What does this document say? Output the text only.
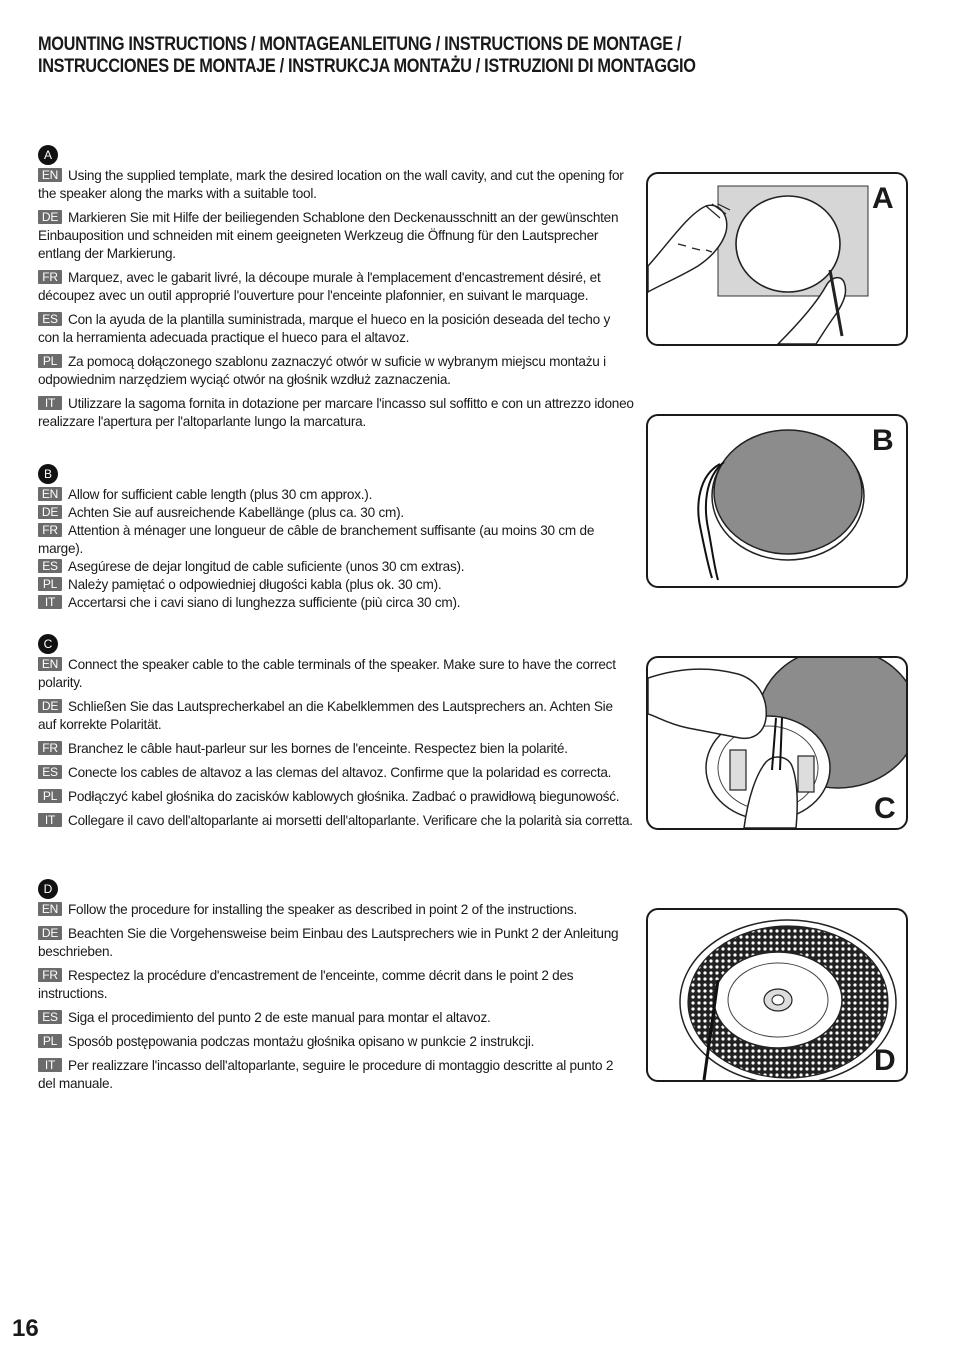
MOUNTING INSTRUCTIONS / MONTAGEANLEITUNG / INSTRUCTIONS DE MONTAGE /
INSTRUCCIONES DE MONTAJE / INSTRUKCJA MONTAŻU / ISTRUZIONI DI MONTAGGIO
A

EN Using the supplied template, mark the desired location on the wall cavity, and cut the opening for the speaker along the marks with a suitable tool.

DE Markieren Sie mit Hilfe der beiliegenden Schablone den Deckenausschnitt an der gewünschten Einbauposition und schneiden mit einem geeigneten Werkzeug die Öffnung für den Lautsprecher entlang der Markierung.

FR Marquez, avec le gabarit livré, la découpe murale à l'emplacement d'encastrement désiré, et découpez avec un outil approprié l'ouverture pour l'enceinte plafonnier, en suivant le marquage.

ES Con la ayuda de la plantilla suministrada, marque el hueco en la posición deseada del techo y con la herramienta adecuada practique el hueco para el altavoz.

PL Za pomocą dołączonego szablonu zaznaczyć otwór w suficie w wybranym miejscu montażu i odpowiednim narzędziem wyciąć otwór na głośnik wzdłuż zaznaczenia.

IT Utilizzare la sagoma fornita in dotazione per marcare l'incasso sul soffitto e con un attrezzo idoneo realizzare l'apertura per l'altoparlante lungo la marcatura.

B

EN Allow for sufficient cable length (plus 30 cm approx.).

DE Achten Sie auf ausreichende Kabellänge (plus ca. 30 cm).

FR Attention à ménager une longueur de câble de branchement suffisante (au moins 30 cm de marge).

ES Asegúrese de dejar longitud de cable suficiente (unos 30 cm extras).

PL Należy pamiętać o odpowiedniej długości kabla (plus ok. 30 cm).

IT Accertarsi che i cavi siano di lunghezza sufficiente (più circa 30 cm).

C

EN Connect the speaker cable to the cable terminals of the speaker. Make sure to have the correct polarity.

DE Schließen Sie das Lautsprecherkabel an die Kabelklemmen des Lautsprechers an. Achten Sie auf korrekte Polarität.

FR Branchez le câble haut-parleur sur les bornes de l'enceinte. Respectez bien la polarité.

ES Conecte los cables de altavoz a las clemas del altavoz. Confirme que la polaridad es correcta.

PL Podłączyć kabel głośnika do zacisków kablowych głośnika. Zadbać o prawidłową biegunowość.

IT Collegare il cavo dell'altoparlante ai morsetti dell'altoparlante. Verificare che la polarità sia corretta.

D

EN Follow the procedure for installing the speaker as described in point 2 of the instructions.

DE Beachten Sie die Vorgehensweise beim Einbau des Lautsprechers wie in Punkt 2 der Anleitung beschrieben.

FR Respectez la procédure d'encastrement de l'enceinte, comme décrit dans le point 2 des instructions.

ES Siga el procedimiento del punto 2 de este manual para montar el altavoz.

PL Sposób postępowania podczas montażu głośnika opisano w punkcie 2 instrukcji.

IT Per realizzare l'incasso dell'altoparlante, seguire le procedure di montaggio descritte al punto 2 del manuale.

A
B
C
D
16
